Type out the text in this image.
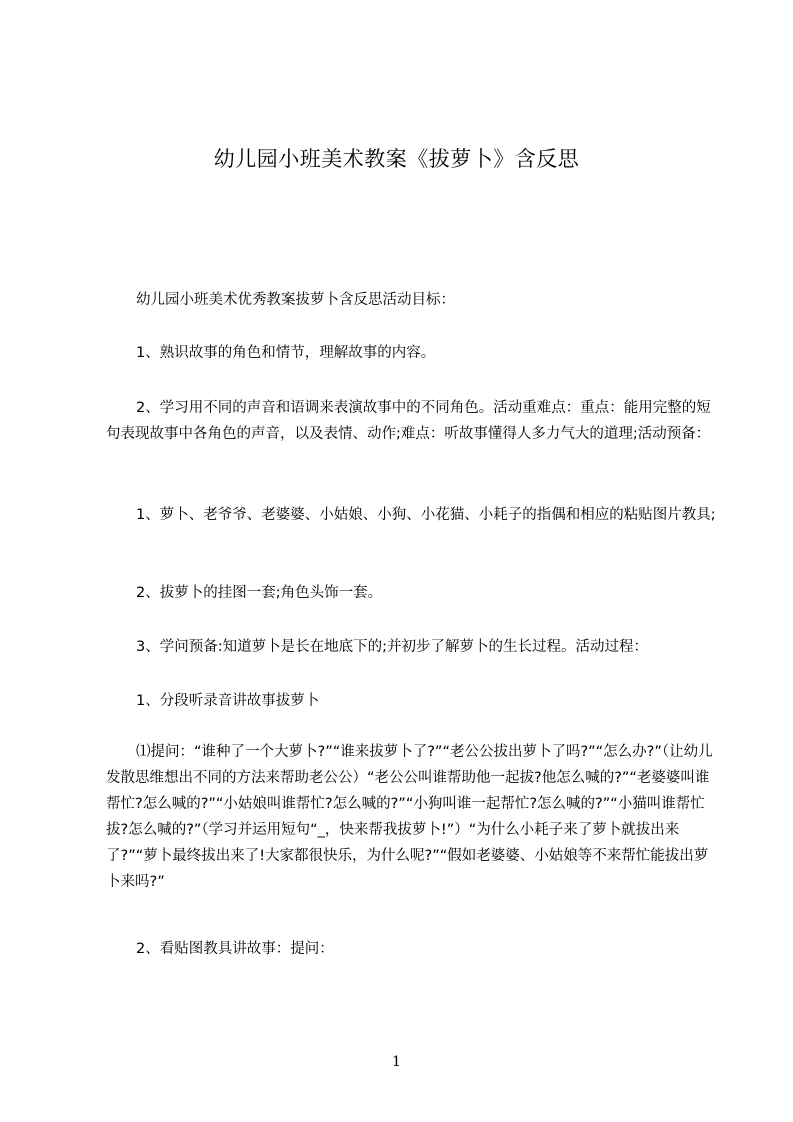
幼儿园小班美术教案《拔萝卜》含反思

幼儿园小班美术优秀教案拔萝卜含反思活动目标：

1、熟识故事的角色和情节，理解故事的内容。

2、学习用不同的声音和语调来表演故事中的不同角色。活动重难点：重点：能用完整的短句表现故事中各角色的声音，以及表情、动作;难点：听故事懂得人多力气大的道理;活动预备：

1、萝卜、老爷爷、老婆婆、小姑娘、小狗、小花猫、小耗子的指偶和相应的粘贴图片教具;

2、拔萝卜的挂图一套;角色头饰一套。

3、学问预备:知道萝卜是长在地底下的;并初步了解萝卜的生长过程。活动过程：

1、分段听录音讲故事拔萝卜

⑴提问：“谁种了一个大萝卜?”“谁来拔萝卜了?”“老公公拔出萝卜了吗?”“怎么办?”（让幼儿发散思维想出不同的方法来帮助老公公）“老公公叫谁帮助他一起拔?他怎么喊的?”“老婆婆叫谁帮忙?怎么喊的?”“小姑娘叫谁帮忙?怎么喊的?”“小狗叫谁一起帮忙?怎么喊的?”“小猫叫谁帮忙拔?怎么喊的?”（学习并运用短句“_，快来帮我拔萝卜!”）“为什么小耗子来了萝卜就拔出来了?”“萝卜最终拔出来了!大家都很快乐，为什么呢?”“假如老婆婆、小姑娘等不来帮忙能拔出萝卜来吗?”

2、看贴图教具讲故事：提问：

1
